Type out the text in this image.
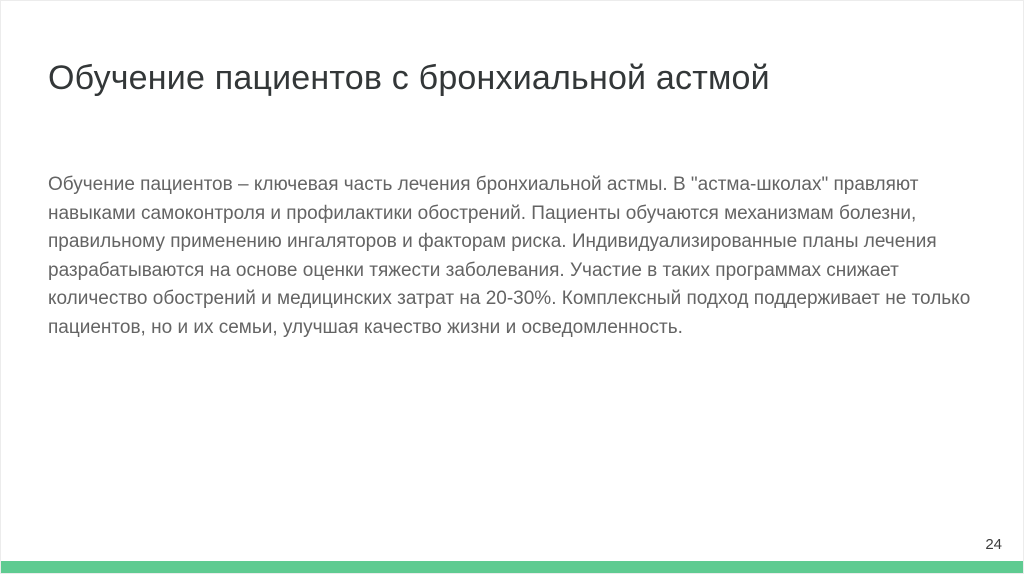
Обучение пациентов с бронхиальной астмой

Обучение пациентов – ключевая часть лечения бронхиальной астмы. В "астма-школах" правляют навыками самоконтроля и профилактики обострений. Пациенты обучаются механизмам болезни, правильному применению ингаляторов и факторам риска. Индивидуализированные планы лечения разрабатываются на основе оценки тяжести заболевания. Участие в таких программах снижает количество обострений и медицинских затрат на 20-30%. Комплексный подход поддерживает не только пациентов, но и их семьи, улучшая качество жизни и осведомленность.

24
